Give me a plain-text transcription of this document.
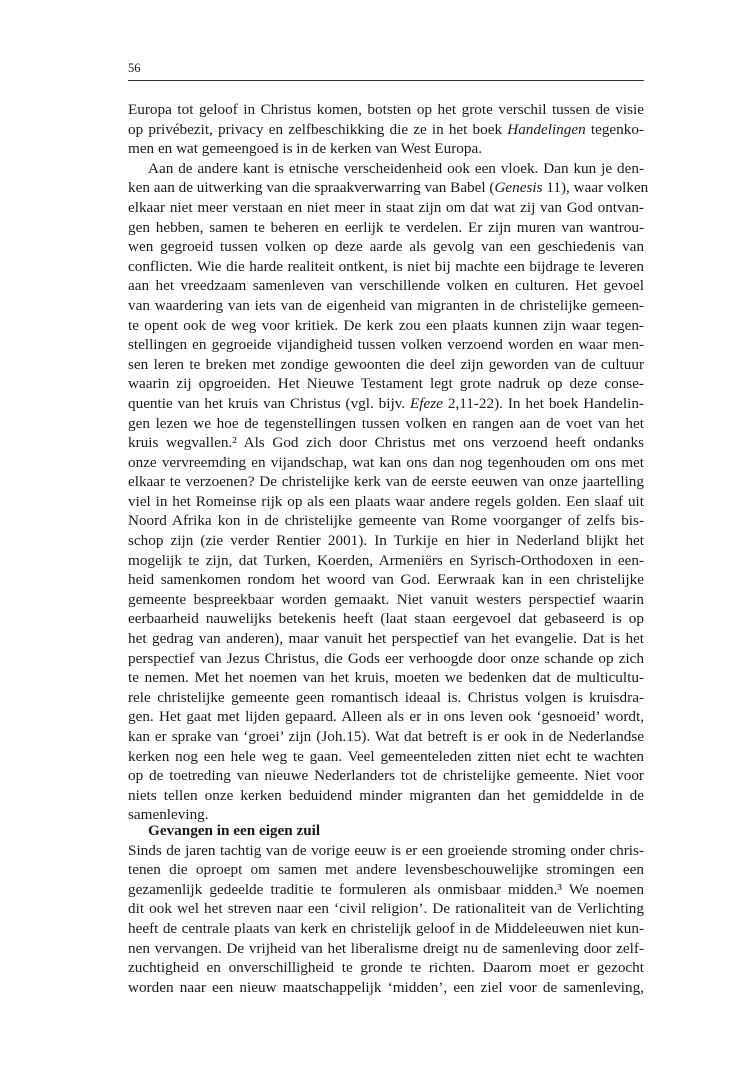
56
Europa tot geloof in Christus komen, botsten op het grote verschil tussen de visie
op privébezit, privacy en zelfbeschikking die ze in het boek Handelingen tegenko-
men en wat gemeengoed is in de kerken van West Europa.
Aan de andere kant is etnische verscheidenheid ook een vloek. Dan kun je den-
ken aan de uitwerking van die spraakverwarring van Babel (Genesis 11), waar volken
elkaar niet meer verstaan en niet meer in staat zijn om dat wat zij van God ontvan-
gen hebben, samen te beheren en eerlijk te verdelen. Er zijn muren van wantrou-
wen gegroeid tussen volken op deze aarde als gevolg van een geschiedenis van
conflicten. Wie die harde realiteit ontkent, is niet bij machte een bijdrage te leveren
aan het vreedzaam samenleven van verschillende volken en culturen. Het gevoel
van waardering van iets van de eigenheid van migranten in de christelijke gemeen-
te opent ook de weg voor kritiek. De kerk zou een plaats kunnen zijn waar tegen-
stellingen en gegroeide vijandigheid tussen volken verzoend worden en waar men-
sen leren te breken met zondige gewoonten die deel zijn geworden van de cultuur
waarin zij opgroeiden. Het Nieuwe Testament legt grote nadruk op deze conse-
quentie van het kruis van Christus (vgl. bijv. Efeze 2,11-22). In het boek Handelin-
gen lezen we hoe de tegenstellingen tussen volken en rangen aan de voet van het
kruis wegvallen.² Als God zich door Christus met ons verzoend heeft ondanks
onze vervreemding en vijandschap, wat kan ons dan nog tegenhouden om ons met
elkaar te verzoenen? De christelijke kerk van de eerste eeuwen van onze jaartelling
viel in het Romeinse rijk op als een plaats waar andere regels golden. Een slaaf uit
Noord Afrika kon in de christelijke gemeente van Rome voorganger of zelfs bis-
schop zijn (zie verder Rentier 2001). In Turkije en hier in Nederland blijkt het
mogelijk te zijn, dat Turken, Koerden, Armeniërs en Syrisch-Orthodoxen in een-
heid samenkomen rondom het woord van God. Eerwraak kan in een christelijke
gemeente bespreekbaar worden gemaakt. Niet vanuit westers perspectief waarin
eerbaarheid nauwelijks betekenis heeft (laat staan eergevoel dat gebaseerd is op
het gedrag van anderen), maar vanuit het perspectief van het evangelie. Dat is het
perspectief van Jezus Christus, die Gods eer verhoogde door onze schande op zich
te nemen. Met het noemen van het kruis, moeten we bedenken dat de multicultu-
rele christelijke gemeente geen romantisch ideaal is. Christus volgen is kruisdra-
gen. Het gaat met lijden gepaard. Alleen als er in ons leven ook ‘gesnoeid’ wordt,
kan er sprake van ‘groei’ zijn (Joh.15). Wat dat betreft is er ook in de Nederlandse
kerken nog een hele weg te gaan. Veel gemeenteleden zitten niet echt te wachten
op de toetreding van nieuwe Nederlanders tot de christelijke gemeente. Niet voor
niets tellen onze kerken beduidend minder migranten dan het gemiddelde in de
samenleving.
Gevangen in een eigen zuil
Sinds de jaren tachtig van de vorige eeuw is er een groeiende stroming onder chris-
tenen die oproept om samen met andere levensbeschouwelijke stromingen een
gezamenlijk gedeelde traditie te formuleren als onmisbaar midden.³ We noemen
dit ook wel het streven naar een ‘civil religion’. De rationaliteit van de Verlichting
heeft de centrale plaats van kerk en christelijk geloof in de Middeleeuwen niet kun-
nen vervangen. De vrijheid van het liberalisme dreigt nu de samenleving door zelf-
zuchtigheid en onverschilligheid te gronde te richten. Daarom moet er gezocht
worden naar een nieuw maatschappelijk ‘midden’, een ziel voor de samenleving,
